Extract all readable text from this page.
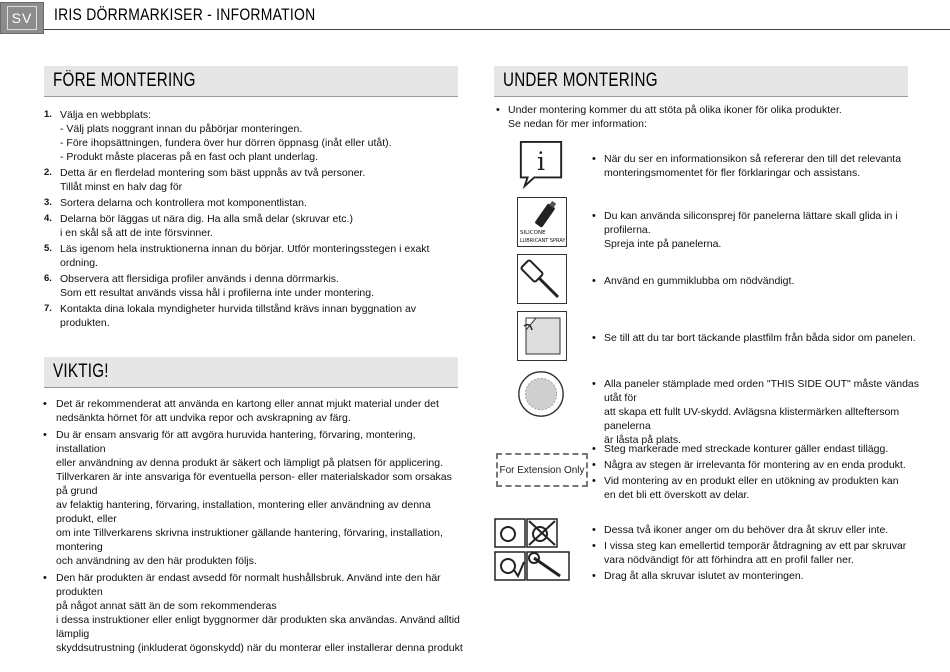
SV IRIS DÖRRMARKISER - INFORMATION
FÖRE MONTERING
1. Välja en webbplats:
- Välj plats noggrant innan du påbörjar monteringen.
- Före ihopsättningen, fundera över hur dörren öppnasg (inåt eller utåt).
- Produkt måste placeras på en fast och plant underlag.
2. Detta är en flerdelad montering som bäst uppnås av två personer.
Tillåt minst en halv dag för
3. Sortera delarna och kontrollera mot komponentlistan.
4. Delarna bör läggas ut nära dig. Ha alla små delar (skruvar etc.)
i en skål så att de inte försvinner.
5. Läs igenom hela instruktionerna innan du börjar. Utför monteringsstegen i exakt ordning.
6. Observera att flersidiga profiler används i denna dörrmarkis.
Som ett resultat används vissa hål i profilerna inte under montering.
7. Kontakta dina lokala myndigheter hurvida tillstånd krävs innan byggnation av produkten.
VIKTIG!
• Det är rekommenderat att använda en kartong eller annat mjukt material under det
nedsänkta hörnet för att undvika repor och avskrapning av färg.
• Du är ensam ansvarig för att avgöra huruvida hantering, förvaring, montering, installation
eller användning av denna produkt är säkert och lämpligt på platsen för applicering.
Tillverkaren är inte ansvariga för eventuella person- eller materialskador som orsakas på grund
av felaktig hantering, förvaring, installation, montering eller användning av denna produkt, eller
om inte Tillverkarens skrivna instruktioner gällande hantering, förvaring, installation, montering
och användning av den här produkten följs.
• Den här produkten är endast avsedd för normalt hushållsbruk. Använd inte den här produkten
på något annat sätt än de som rekommenderas
i dessa instruktioner eller enligt byggnormer där produkten ska användas. Använd alltid lämplig
skyddsutrustning (inkluderat ögonskydd) när du monterar eller installerar denna produkt
UNDER MONTERING
• Under montering kommer du att stöta på olika ikoner för olika produkter.
Se nedan för mer information:
i
•	När du ser en informationsikon så refererar den till det relevanta
monteringsmomentet för fler förklaringar och assistans.
SILICONE
LUBRICANT SPRAY
• Du kan använda siliconsprej för panelerna lättare skall glida in i profilerna.
Spreja inte på panelerna.
• Använd en gummiklubba om nödvändigt.
• Se till att du tar bort täckande plastfilm från båda sidor om panelen.
• Alla paneler stämplade med orden "THIS SIDE OUT" måste vändas utåt för
att skapa ett fullt UV-skydd. Avlägsna klistermärken allteftersom panelerna
är låsta på plats.
For Extension Only
• Steg markerade med streckade konturer gäller endast tillägg.
• Några av stegen är irrelevanta för montering av en enda produkt.
• Vid montering av en produkt eller en utökning av produkten kan
en det bli ett överskott av delar.
• Dessa två ikoner anger om du behöver dra åt skruv eller inte.
• I vissa steg kan emellertid temporär åtdragning av ett par skruvar
vara nödvändigt för att förhindra att en profil faller ner.
• Drag åt alla skruvar islutet av monteringen.
